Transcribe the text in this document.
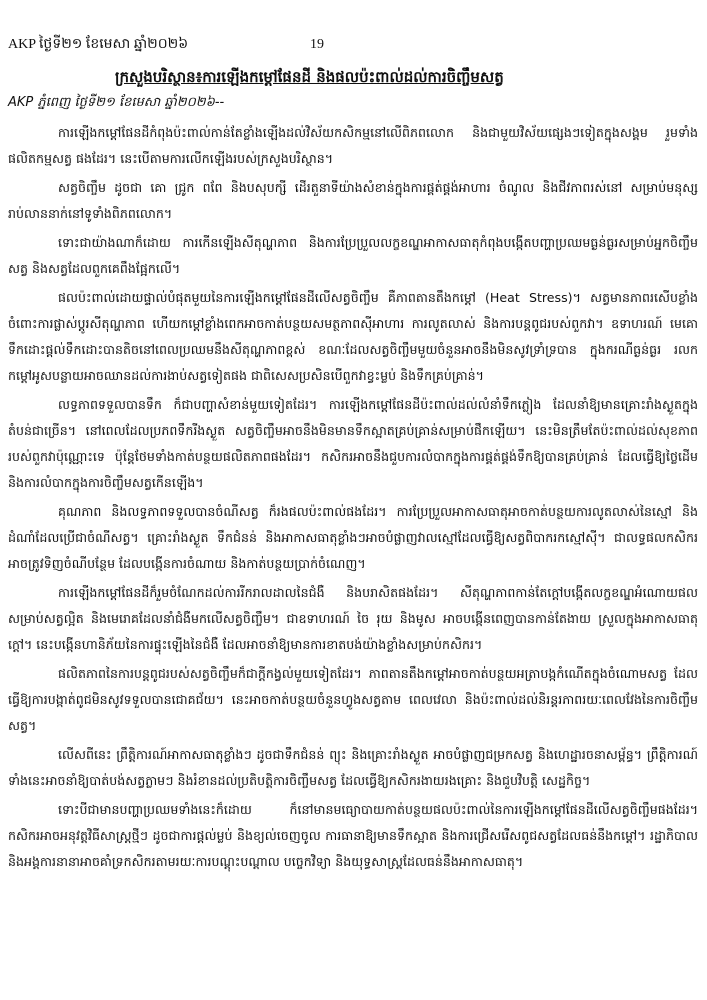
AKP ថ្ងៃទី២១ ខែមេសា ឆ្នាំ២០២៦	19
ក្រសួងបរិស្ថាន៖ការឡើងកម្តៅផែនដី និងផលប៉ះពាល់ដល់ការចិញ្ចឹមសត្វ
AKP ភ្នំពេញ ថ្ងៃទី២១ ខែមេសា ឆ្នាំ២០២៦--

ការឡើងកម្តៅផែនដីកំពុងប៉ះពាល់កាន់តែខ្លាំងឡើងដល់វិស័យកសិកម្មនៅលើពិភពលោក និងជាមួយវិស័យផ្សេងៗទៀតក្នុងសង្គម រួមទាំងផលិតកម្មសត្វ ផងដែរ។ នេះបើតាមការលើកឡើងរបស់ក្រសួងបរិស្ថាន។

សត្វចិញ្ចឹម ដូចជា គោ ជ្រូក ពពែ និងបសុបក្សី ដើរតួនាទីយ៉ាងសំខាន់ក្នុងការផ្គត់ផ្គង់អាហារ ចំណូល និងជីវភាពរស់នៅ សម្រាប់មនុស្សរាប់លាននាក់នៅទូទាំងពិភពលោក។

ទោះជាយ៉ាងណាក៏ដោយ ការកើនឡើងសីតុណ្ហភាព និងការប្រែប្រួលលក្ខខណ្ឌអាកាសធាតុកំពុងបង្កើតបញ្ហាប្រឈមធ្ងន់ធ្ងរសម្រាប់អ្នកចិញ្ចឹមសត្វ និងសត្វដែលពួកគេពឹងផ្អែកលើ។

ផលប៉ះពាល់ដោយផ្ទាល់បំផុតមួយនៃការឡើងកម្តៅផែនដីលើសត្វចិញ្ចឹម គឺភាពតានតឹងកម្តៅ (Heat Stress)។ សត្វមានភាពរសើបខ្លាំងចំពោះការផ្លាស់ប្តូរសីតុណ្ហភាព ហើយកម្តៅខ្លាំងពេកអាចកាត់បន្ថយសមត្ថភាពស៊ីអាហារ ការលូតលាស់ និងការបន្តពូជរបស់ពួកវា។ ឧទាហរណ៍ មេគោទឹកដោះផ្តល់ទឹកដោះបានតិចនៅពេលប្រឈមនឹងសីតុណ្ហភាពខ្ពស់ ខណៈដែលសត្វចិញ្ចឹមមួយចំនួនអាចនឹងមិនសូវទ្រាំទ្របាន ក្នុងករណីធ្ងន់ធ្ងរ រលកកម្តៅអូសបន្លាយអាចឈានដល់ការងាប់សត្វទៀតផង ជាពិសេសប្រសិនបើពួកវាខ្វះម្លប់ និងទឹកគ្រប់គ្រាន់។

លទ្ធភាពទទួលបានទឹក ក៏ជាបញ្ហាសំខាន់មួយទៀតដែរ។ ការឡើងកម្តៅផែនដីប៉ះពាល់ដល់លំនាំទឹកភ្លៀង ដែលនាំឱ្យមានគ្រោះរាំងស្ងួតក្នុងតំបន់ជាច្រើន។ នៅពេលដែលប្រភពទឹករីងស្ងួត សត្វចិញ្ចឹមអាចនឹងមិនមានទឹកស្អាតគ្រប់គ្រាន់សម្រាប់ផឹកឡើយ។ នេះមិនត្រឹមតែប៉ះពាល់ដល់សុខភាពរបស់ពួកវាប៉ុណ្ណោះទេ ប៉ុន្តែថែមទាំងកាត់បន្ថយផលិតភាពផងដែរ។ កសិករអាចនឹងជួបការលំបាកក្នុងការផ្គត់ផ្គង់ទឹកឱ្យបានគ្រប់គ្រាន់ ដែលធ្វើឱ្យថ្លៃដើម និងការលំបាកក្នុងការចិញ្ចឹមសត្វកើនឡើង។

គុណភាព និងលទ្ធភាពទទួលបានចំណីសត្វ ក៏រងផលប៉ះពាល់ផងដែរ។ ការប្រែប្រួលអាកាសធាតុអាចកាត់បន្ថយការលូតលាស់នៃស្មៅ និងដំណាំដែលប្រើជាចំណីសត្វ។ គ្រោះរាំងស្ងួត ទឹកជំនន់ និងអាកាសធាតុខ្លាំងៗអាចបំផ្លាញវាលស្មៅដែលធ្វើឱ្យសត្វពិបាករកស្មៅស៊ី។ ជាលទ្ធផលកសិករអាចត្រូវទិញចំណីបន្ថែម ដែលបង្កើនការចំណាយ និងកាត់បន្ថយប្រាក់ចំណេញ។

ការឡើងកម្តៅផែនដីក៏រួមចំណែកដល់ការរីករាលដាលនៃជំងឺ និងបរាសិតផងដែរ។ សីតុណ្ហភាពកាន់តែក្តៅបង្កើតលក្ខខណ្ឌអំណោយផលសម្រាប់សត្វល្អិត និងមេរោគដែលនាំជំងឺមកលើសត្វចិញ្ចឹម។ ជាឧទាហរណ៍ ចៃ រុយ និងមូស អាចបង្កើនពេញបានកាន់តែងាយ ស្រួលក្នុងអាកាសធាតុក្តៅ។ នេះបង្កើនហានិភ័យនៃការផ្ទុះឡើងនៃជំងឺ ដែលអាចនាំឱ្យមានការខាតបង់យ៉ាងខ្លាំងសម្រាប់កសិករ។

ផលិតភាពនៃការបន្តពូជរបស់សត្វចិញ្ចឹមក៏ជាក្តីកង្វល់មួយទៀតដែរ។ ភាពតានតឹងកម្តៅអាចកាត់បន្ថយអត្រាបង្កកំណើតក្នុងចំណោមសត្វ ដែលធ្វើឱ្យការបង្កាត់ពូជមិនសូវទទួលបានជោគជ័យ។ នេះអាចកាត់បន្ថយចំនួនហ្វូងសត្វតាម ពេលវេលា និងប៉ះពាល់ដល់និរន្តរភាពរយៈពេលវែងនៃការចិញ្ចឹម សត្វ។

លើសពីនេះ ព្រឹត្តិការណ៍អាកាសធាតុខ្លាំងៗ ដូចជាទឹកជំនន់ ព្យុះ និងគ្រោះរាំងស្ងួត អាចបំផ្លាញជម្រកសត្វ និងហេដ្ឋារចនាសម្ព័ន្ធ។ ព្រឹត្តិការណ៍ទាំងនេះអាចនាំឱ្យបាត់បង់សត្វភ្លាមៗ និងរំខានដល់ប្រតិបត្តិការចិញ្ចឹមសត្វ ដែលធ្វើឱ្យកសិករងាយរងគ្រោះ និងជួបវិបត្តិ សេដ្ឋកិច្ច។

ទោះបីជាមានបញ្ហាប្រឈមទាំងនេះក៏ដោយ ក៏នៅមានមធ្យោបាយកាត់បន្ថយផលប៉ះពាល់នៃការឡើងកម្តៅផែនដីលើសត្វចិញ្ចឹមផងដែរ។ កសិករអាចអនុវត្តវិធីសាស្ត្រថ្មីៗ ដូចជាការផ្តល់ម្លប់ និងខ្យល់ចេញចូល ការធានាឱ្យមានទឹកស្អាត និងការជ្រើសរើសពូជសត្វដែលធន់នឹងកម្តៅ។ រដ្ឋាភិបាល និងអង្គការនានាអាចគាំទ្រកសិករតាមរយៈការបណ្តុះបណ្តាល បច្ចេកវិទ្យា និងយុទ្ធសាស្ត្រដែលធន់នឹងអាកាសធាតុ។
